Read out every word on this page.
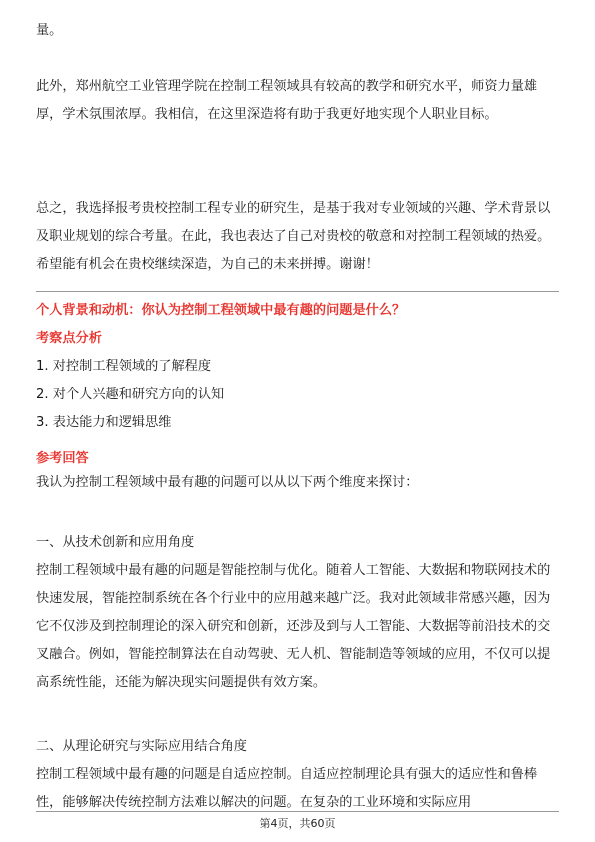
量。

此外，郑州航空工业管理学院在控制工程领域具有较高的教学和研究水平，师资力量雄厚，学术氛围浓厚。我相信，在这里深造将有助于我更好地实现个人职业目标。

总之，我选择报考贵校控制工程专业的研究生，是基于我对专业领域的兴趣、学术背景以及职业规划的综合考量。在此，我也表达了自己对贵校的敬意和对控制工程领域的热爱。希望能有机会在贵校继续深造，为自己的未来拼搏。谢谢！

个人背景和动机：你认为控制工程领域中最有趣的问题是什么？

考察点分析

1. 对控制工程领域的了解程度

2. 对个人兴趣和研究方向的认知

3. 表达能力和逻辑思维

参考回答

我认为控制工程领域中最有趣的问题可以从以下两个维度来探讨：

一、从技术创新和应用角度

控制工程领域中最有趣的问题是智能控制与优化。随着人工智能、大数据和物联网技术的快速发展，智能控制系统在各个行业中的应用越来越广泛。我对此领域非常感兴趣，因为它不仅涉及到控制理论的深入研究和创新，还涉及到与人工智能、大数据等前沿技术的交叉融合。例如，智能控制算法在自动驾驶、无人机、智能制造等领域的应用，不仅可以提高系统性能，还能为解决现实问题提供有效方案。

二、从理论研究与实际应用结合角度

控制工程领域中最有趣的问题是自适应控制。自适应控制理论具有强大的适应性和鲁棒性，能够解决传统控制方法难以解决的问题。在复杂的工业环境和实际应用

第4页，共60页
